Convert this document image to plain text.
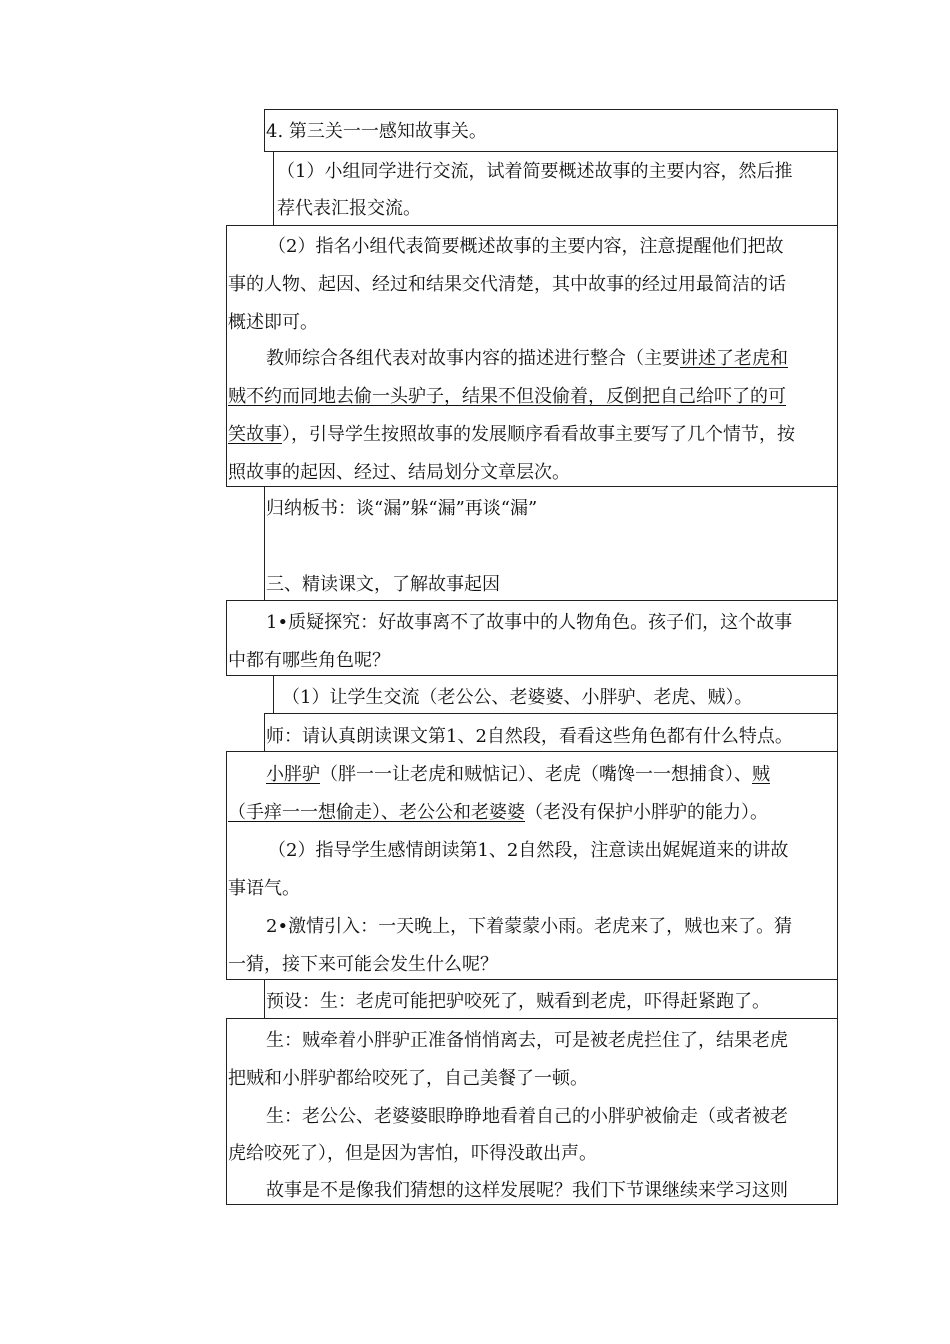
4. 第三关一一感知故事关。
（1）小组同学进行交流，试着简要概述故事的主要内容，然后推
荐代表汇报交流。
（2）指名小组代表简要概述故事的主要内容，注意提醒他们把故
事的人物、起因、经过和结果交代清楚，其中故事的经过用最简洁的话
概述即可。
教师综合各组代表对故事内容的描述进行整合（主要讲述了老虎和
贼不约而同地去偷一头驴子，结果不但没偷着，反倒把自己给吓了的可
笑故事），引导学生按照故事的发展顺序看看故事主要写了几个情节，按
照故事的起因、经过、结局划分文章层次。
归纳板书：谈“漏”躲“漏”再谈“漏”
三、精读课文，了解故事起因
1•质疑探究：好故事离不了故事中的人物角色。孩子们，这个故事
中都有哪些角色呢？
（1）让学生交流（老公公、老婆婆、小胖驴、老虎、贼）。
师：请认真朗读课文第1、2自然段，看看这些角色都有什么特点。
小胖驴（胖一一让老虎和贼惦记）、老虎（嘴馋一一想捕食）、贼
（手痒一一想偷走）、老公公和老婆婆（老没有保护小胖驴的能力）。
（2）指导学生感情朗读第1、2自然段，注意读出娓娓道来的讲故
事语气。
2•激情引入：一天晚上，下着蒙蒙小雨。老虎来了，贼也来了。猜
一猜，接下来可能会发生什么呢？
预设：生：老虎可能把驴咬死了，贼看到老虎，吓得赶紧跑了。
生：贼牵着小胖驴正准备悄悄离去，可是被老虎拦住了，结果老虎
把贼和小胖驴都给咬死了，自己美餐了一顿。
生：老公公、老婆婆眼睁睁地看着自己的小胖驴被偷走（或者被老
虎给咬死了），但是因为害怕，吓得没敢出声。
故事是不是像我们猜想的这样发展呢？我们下节课继续来学习这则
